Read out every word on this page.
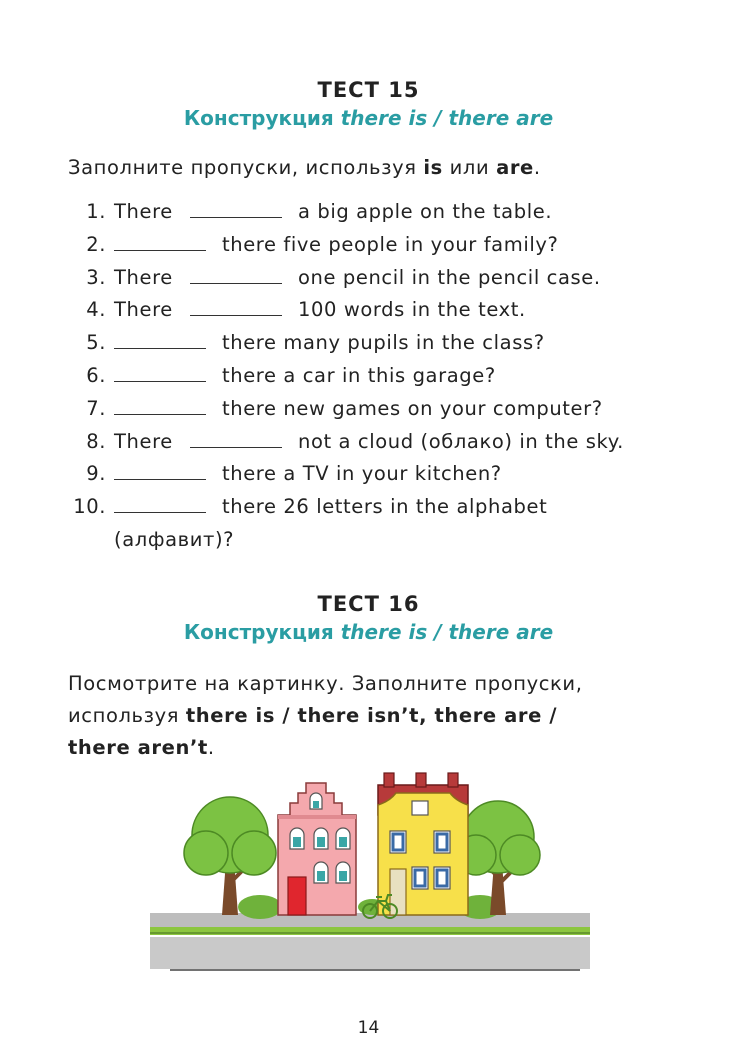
ТЕСТ 15
Конструкция there is / there are
Заполните пропуски, используя is или are.
1. There	a big apple on the table.
2.	there five people in your family?
3. There	one pencil in the pencil case.
4. There	100 words in the text.
5.	there many pupils in the class?
6.	there a car in this garage?
7.	there new games on your computer?
8. There	not a cloud (облако) in the sky.
9.	there a TV in your kitchen?
10.	there 26 letters in the alphabet
(алфавит)?
ТЕСТ 16
Конструкция there is / there are
Посмотрите на картинку. Заполните пропуски,
используя there is / there isn’t, there are /
there aren’t.
14
